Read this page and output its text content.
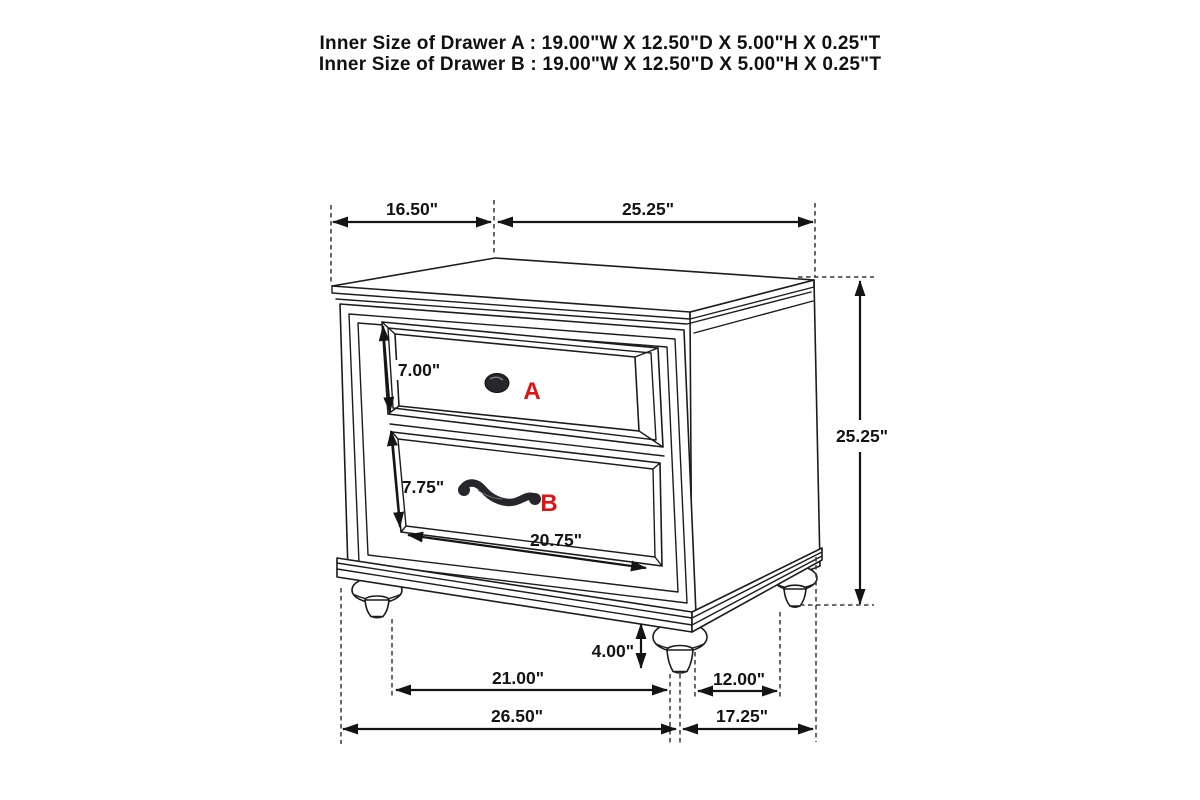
Inner Size of Drawer A : 19.00"W X 12.50"D X 5.00"H X 0.25"T
Inner Size of Drawer B : 19.00"W X 12.50"D X 5.00"H X 0.25"T
A
B
16.50"	25.25"
25.25"
7.00"
7.75"
20.75"
4.00"
21.00"	12.00"
26.50"	17.25"
